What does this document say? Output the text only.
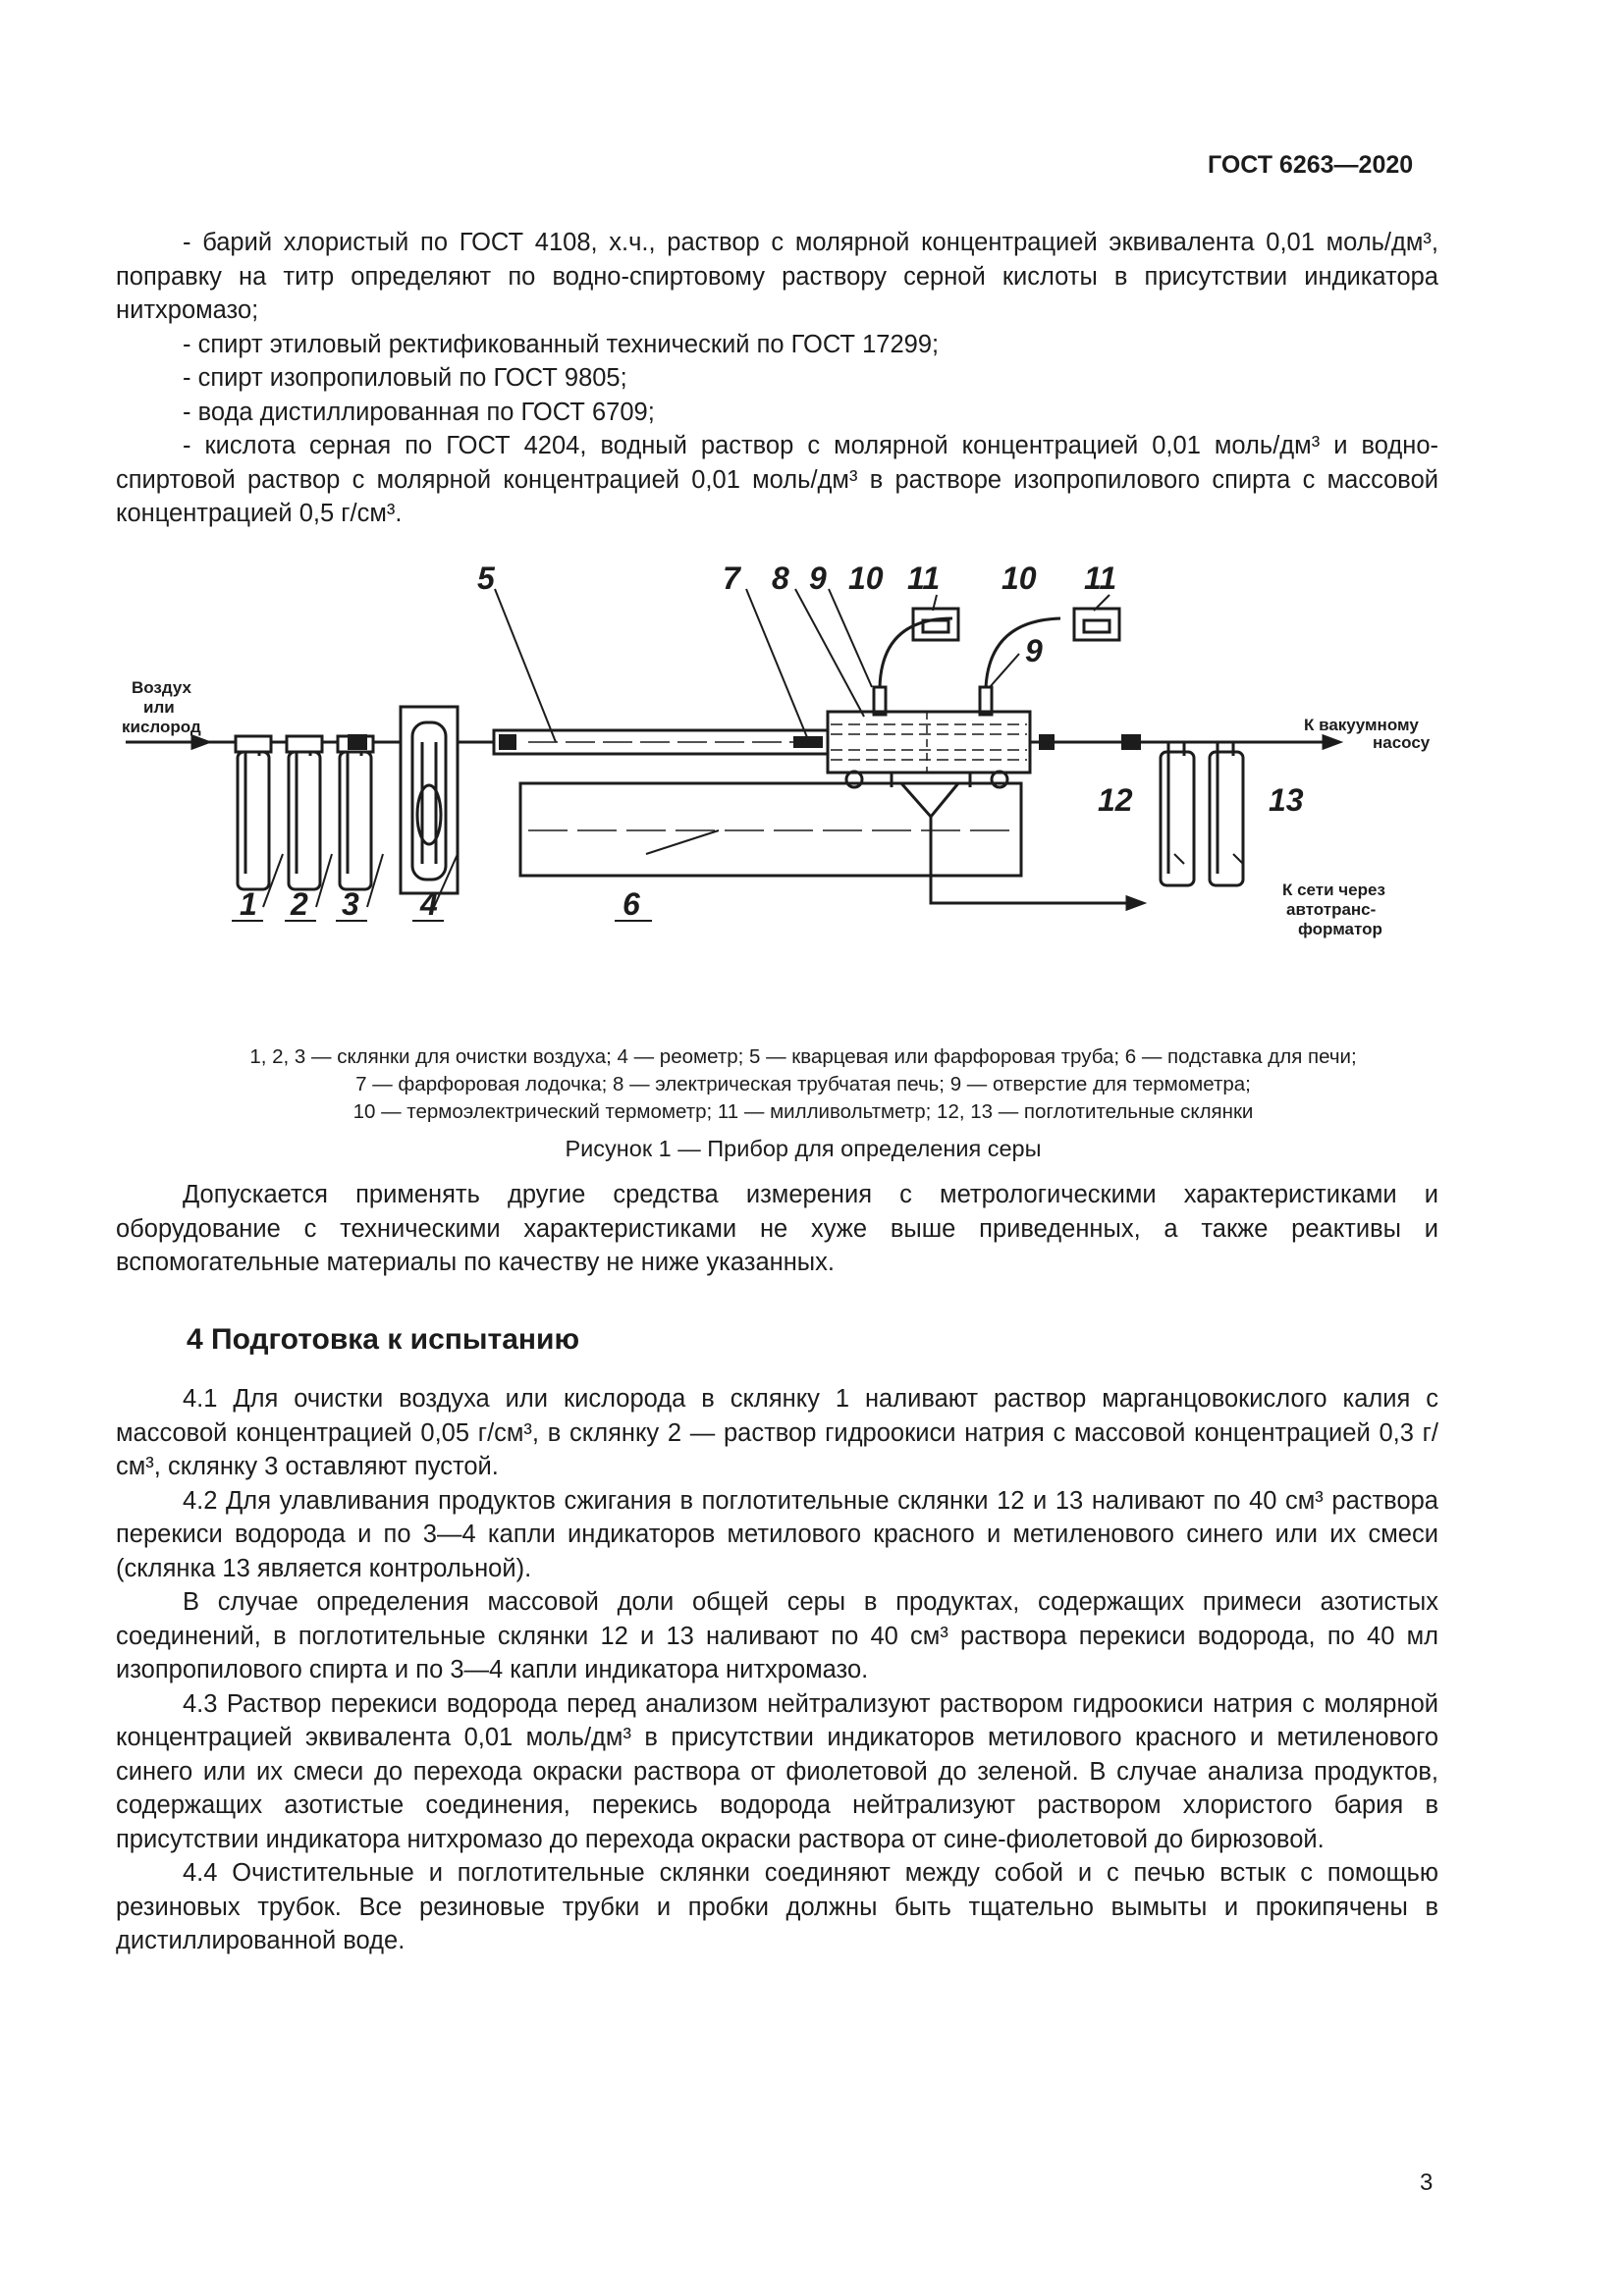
ГОСТ 6263—2020

- барий хлористый по ГОСТ 4108, х.ч., раствор с молярной концентрацией эквивалента 0,01 моль/дм³, поправку на титр определяют по водно-спиртовому раствору серной кислоты в присутствии индикатора нитхромазо;

- спирт этиловый ректификованный технический по ГОСТ 17299;

- спирт изопропиловый по ГОСТ 9805;

- вода дистиллированная по ГОСТ 6709;

- кислота серная по ГОСТ 4204, водный раствор с молярной концентрацией 0,01 моль/дм³ и водно-спиртовой раствор с молярной концентрацией 0,01 моль/дм³ в растворе изопропилового спирта с массовой концентрацией 0,5 г/см³.

Воздух
или
кислород	К вакуумному
насосу
К сети через
автотранс-
форматор
1 2 3 4
5
6
7 8 9
9
10	10
11	11
12	13
1, 2, 3 — склянки для очистки воздуха; 4 — реометр; 5 — кварцевая или фарфоровая труба; 6 — подставка для печи;
7 — фарфоровая лодочка; 8 — электрическая трубчатая печь; 9 — отверстие для термометра;
10 — термоэлектрический термометр; 11 — милливольтметр; 12, 13 — поглотительные склянки
Рисунок 1 — Прибор для определения серы

Допускается применять другие средства измерения с метрологическими характеристиками и оборудование с техническими характеристиками не хуже выше приведенных, а также реактивы и вспомогательные материалы по качеству не ниже указанных.

4 Подготовка к испытанию

4.1 Для очистки воздуха или кислорода в склянку 1 наливают раствор марганцовокислого калия с массовой концентрацией 0,05 г/см³, в склянку 2 — раствор гидроокиси натрия с массовой концентрацией 0,3 г/см³, склянку 3 оставляют пустой.

4.2 Для улавливания продуктов сжигания в поглотительные склянки 12 и 13 наливают по 40 см³ раствора перекиси водорода и по 3—4 капли индикаторов метилового красного и метиленового синего или их смеси (склянка 13 является контрольной).

В случае определения массовой доли общей серы в продуктах, содержащих примеси азотистых соединений, в поглотительные склянки 12 и 13 наливают по 40 см³ раствора перекиси водорода, по 40 мл изопропилового спирта и по 3—4 капли индикатора нитхромазо.

4.3 Раствор перекиси водорода перед анализом нейтрализуют раствором гидроокиси натрия с молярной концентрацией эквивалента 0,01 моль/дм³ в присутствии индикаторов метилового красного и метиленового синего или их смеси до перехода окраски раствора от фиолетовой до зеленой. В случае анализа продуктов, содержащих азотистые соединения, перекись водорода нейтрализуют раствором хлористого бария в присутствии индикатора нитхромазо до перехода окраски раствора от сине-фиолетовой до бирюзовой.

4.4 Очистительные и поглотительные склянки соединяют между собой и с печью встык с помощью резиновых трубок. Все резиновые трубки и пробки должны быть тщательно вымыты и прокипячены в дистиллированной воде.

3
